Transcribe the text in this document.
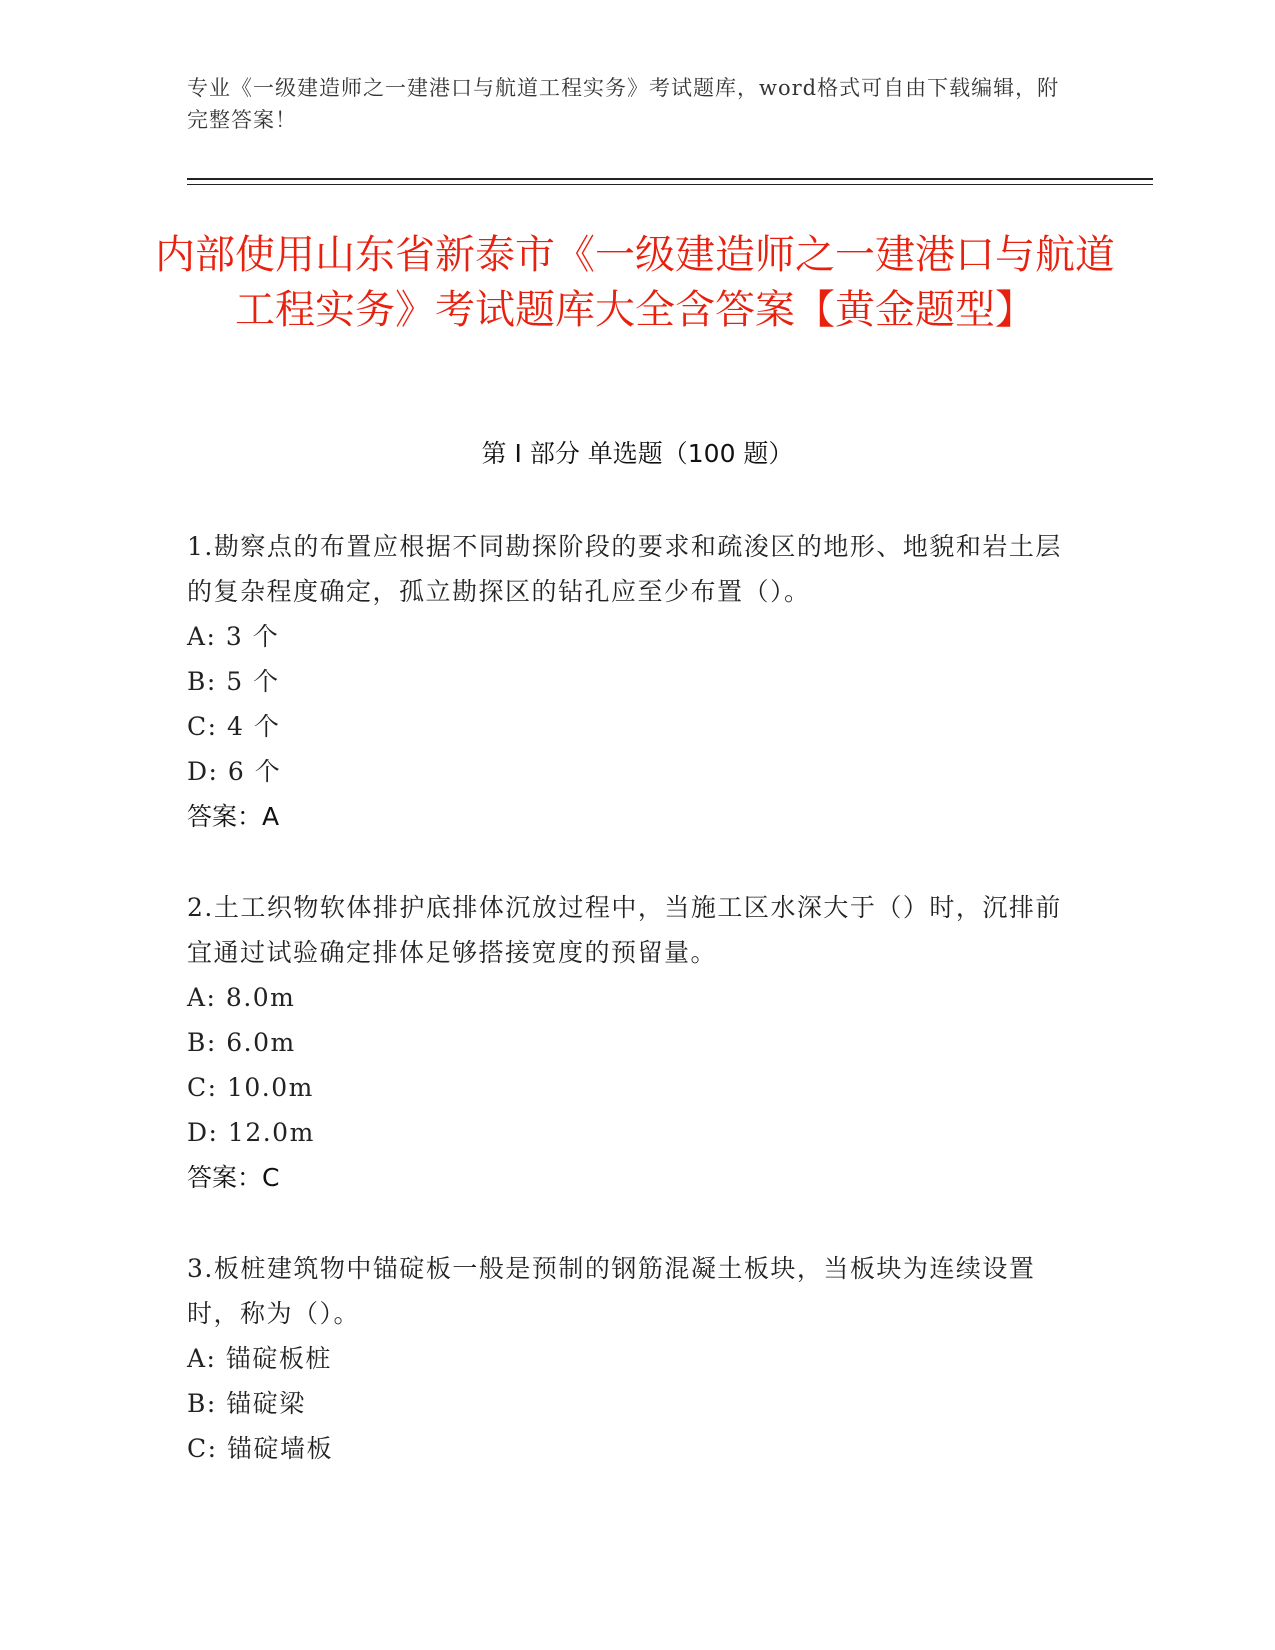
专业《一级建造师之一建港口与航道工程实务》考试题库，word格式可自由下载编辑，附完整答案！
内部使用山东省新泰市《一级建造师之一建港口与航道工程实务》考试题库大全含答案【黄金题型】
第 I 部分 单选题（100 题）

1.勘察点的布置应根据不同勘探阶段的要求和疏浚区的地形、地貌和岩土层的复杂程度确定，孤立勘探区的钻孔应至少布置（）。

A: 3 个

B: 5 个

C: 4 个

D: 6 个

答案：A

2.土工织物软体排护底排体沉放过程中，当施工区水深大于（）时，沉排前宜通过试验确定排体足够搭接宽度的预留量。

A: 8.0m

B: 6.0m

C: 10.0m

D: 12.0m

答案：C

3.板桩建筑物中锚碇板一般是预制的钢筋混凝土板块，当板块为连续设置时，称为（）。

A: 锚碇板桩

B: 锚碇梁

C: 锚碇墙板
